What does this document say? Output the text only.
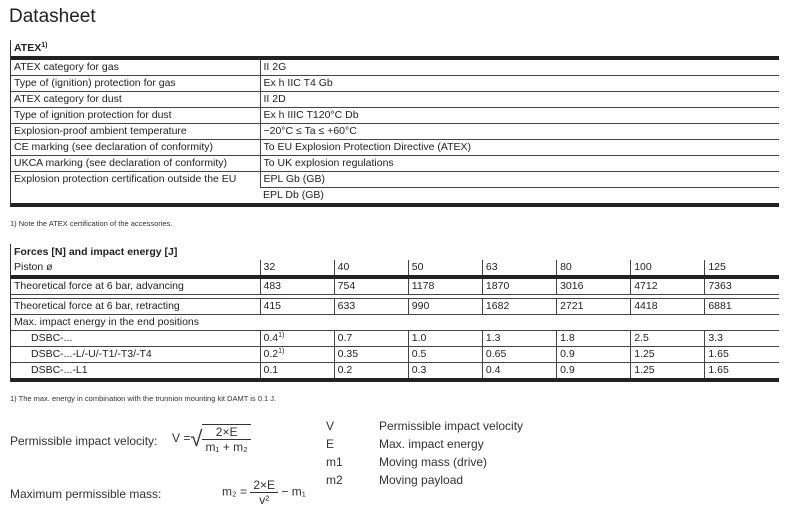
Datasheet
ATEX$^{1)}$
ATEX category for gas	II 2G
Type of (ignition) protection for gas	Ex h IIC T4 Gb
ATEX category for dust	II 2D
Type of ignition protection for dust	Ex h IIIC T120°C Db
Explosion-proof ambient temperature	−20°C ≤ Ta ≤ +60°C
CE marking (see declaration of conformity)	To EU Explosion Protection Directive (ATEX)
UKCA marking (see declaration of conformity)	To UK explosion regulations
Explosion protection certification outside the EU	EPL Gb (GB)
	EPL Db (GB)
1) Note the ATEX certification of the accessories.
Forces [N] and impact energy [J]							
Piston ø	32	40	50	63	80	100	125
Theoretical force at 6 bar, advancing	483	754	1178	1870	3016	4712	7363

Theoretical force at 6 bar, retracting	415	633	990	1682	2721	4418	6881
Max. impact energy in the end positions							
DSBC-...	0.4$^{1)}$	0.7	1.0	1.3	1.8	2.5	3.3
DSBC-...-L/-U/-T1/-T3/-T4	0.2$^{1)}$	0.35	0.5	0.65	0.9	1.25	1.65
DSBC-...-L1	0.1	0.2	0.3	0.4	0.9	1.25	1.65
1) The max. energy in combination with the trunnion mounting kit DAMT is 0.1 J.
Permissible impact velocity: V =√ $\frac{2\times E}{\text{m₁ + m₂}}$
Maximum permissible mass:	$m_2 = \frac{2\times E}{\text{v²}} - m_1$
V	Permissible impact velocity
E	Max. impact energy
m1	Moving mass (drive)
m2	Moving payload
